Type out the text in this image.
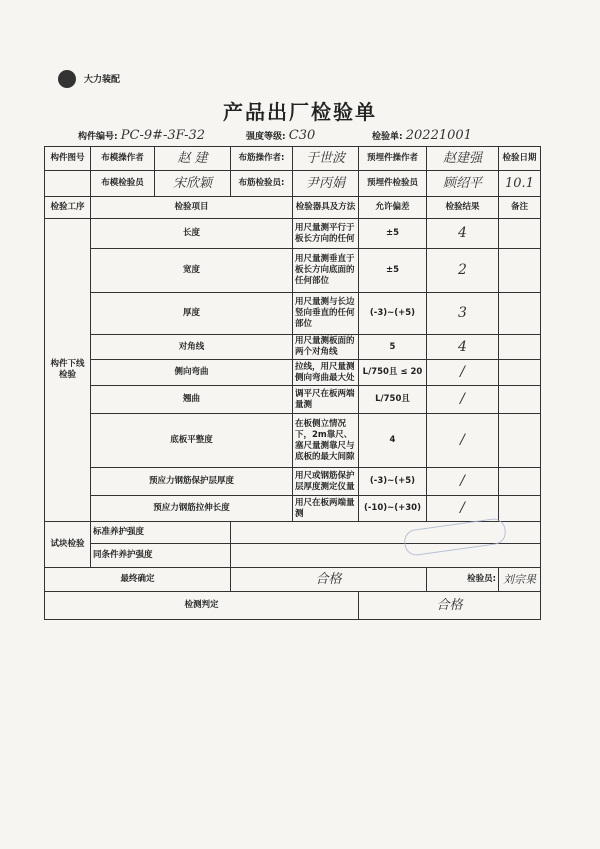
大力装配
产品出厂检验单
构件编号: PC-9#-3F-32	强度等级: C30	检验单: 20221001
构件图号	布模操作者	赵 建	布筋操作者:	于世波	预埋件操作者	赵建强	检验日期
	布模检验员	宋欣颖	布筋检验员:	尹丙娟	预埋件检验员	顾绍平	10.1
检验工序	检验项目			检验器具及方法	允许偏差	检验结果	备注
构件下线检验	长度			用尺量测平行于板长方向的任何	±5	4	
	宽度			用尺量测垂直于板长方向底面的任何部位	±5	2	
	厚度			用尺量测与长边竖向垂直的任何部位	(-3)~(+5)	3	
	对角线			用尺量测板面的两个对角线	5	4	
	侧向弯曲			拉线，用尺量测侧向弯曲最大处	L/750且 ≤ 20	/	
	翘曲			调平尺在板两端量测	L/750且	/	
	底板平整度			在板侧立情况下，2m靠尺、塞尺量测靠尺与底板的最大间隙	4	/	
	预应力钢筋保护层厚度			用尺或钢筋保护层厚度测定仪量	(-3)~(+5)	/	
	预应力钢筋拉伸长度			用尺在板两端量测	(-10)~(+30)	/	
试块检验	标准养护强度						
	同条件养护强度						
最终确定			合格			检验员:	刘宗果
检测判定					合格		
